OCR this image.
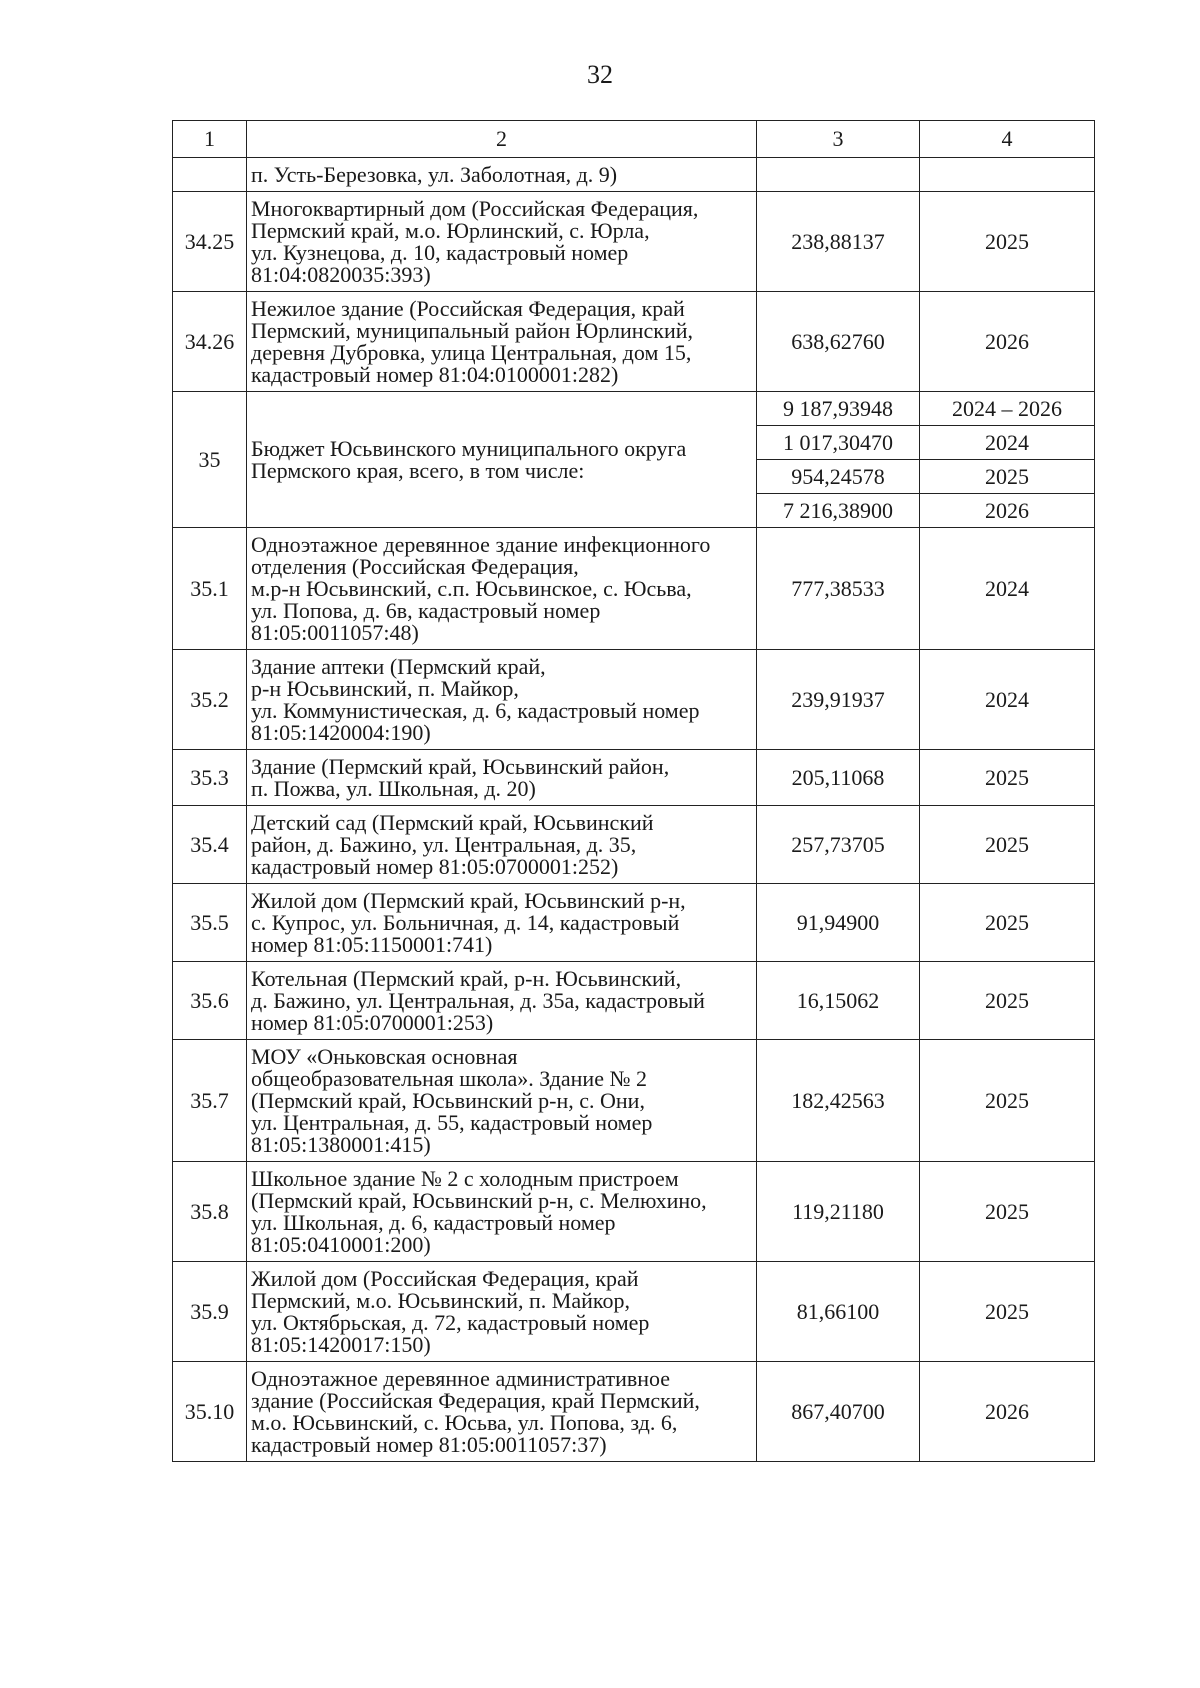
32
1	2	3	4

	п. Усть-Березовка, ул. Заболотная, д. 9)		

34.25	Многоквартирный дом (Российская Федерация,
Пермский край, м.о. Юрлинский, с. Юрла,
ул. Кузнецова, д. 10, кадастровый номер
81:04:0820035:393)	238,88137	2025
34.26	Нежилое здание (Российская Федерация, край
Пермский, муниципальный район Юрлинский,
деревня Дубровка, улица Центральная, дом 15,
кадастровый номер 81:04:0100001:282)	638,62760	2026
35	Бюджет Юсьвинского муниципального округа
Пермского края, всего, в том числе:	9 187,93948	2024 – 2026
		1 017,30470	2024
		954,24578	2025
		7 216,38900	2026
35.1	Одноэтажное деревянное здание инфекционного
отделения (Российская Федерация,
м.р-н Юсьвинский, с.п. Юсьвинское, с. Юсьва,
ул. Попова, д. 6в, кадастровый номер
81:05:0011057:48)	777,38533	2024
35.2	Здание аптеки (Пермский край,
р-н Юсьвинский, п. Майкор,
ул. Коммунистическая, д. 6, кадастровый номер
81:05:1420004:190)	239,91937	2024
35.3	Здание (Пермский край, Юсьвинский район,
п. Пожва, ул. Школьная, д. 20)	205,11068	2025
35.4	Детский сад (Пермский край, Юсьвинский
район, д. Бажино, ул. Центральная, д. 35,
кадастровый номер 81:05:0700001:252)	257,73705	2025
35.5	Жилой дом (Пермский край, Юсьвинский р-н,
с. Купрос, ул. Больничная, д. 14, кадастровый
номер 81:05:1150001:741)	91,94900	2025
35.6	Котельная (Пермский край, р-н. Юсьвинский,
д. Бажино, ул. Центральная, д. 35а, кадастровый
номер 81:05:0700001:253)	16,15062	2025
35.7	МОУ «Оньковская основная
общеобразовательная школа». Здание № 2
(Пермский край, Юсьвинский р-н, с. Они,
ул. Центральная, д. 55, кадастровый номер
81:05:1380001:415)	182,42563	2025
35.8	Школьное здание № 2 с холодным пристроем
(Пермский край, Юсьвинский р-н, с. Мелюхино,
ул. Школьная, д. 6, кадастровый номер
81:05:0410001:200)	119,21180	2025
35.9	Жилой дом (Российская Федерация, край
Пермский, м.о. Юсьвинский, п. Майкор,
ул. Октябрьская, д. 72, кадастровый номер
81:05:1420017:150)	81,66100	2025
35.10	Одноэтажное деревянное административное
здание (Российская Федерация, край Пермский,
м.о. Юсьвинский, с. Юсьва, ул. Попова, зд. 6,
кадастровый номер 81:05:0011057:37)	867,40700	2026
